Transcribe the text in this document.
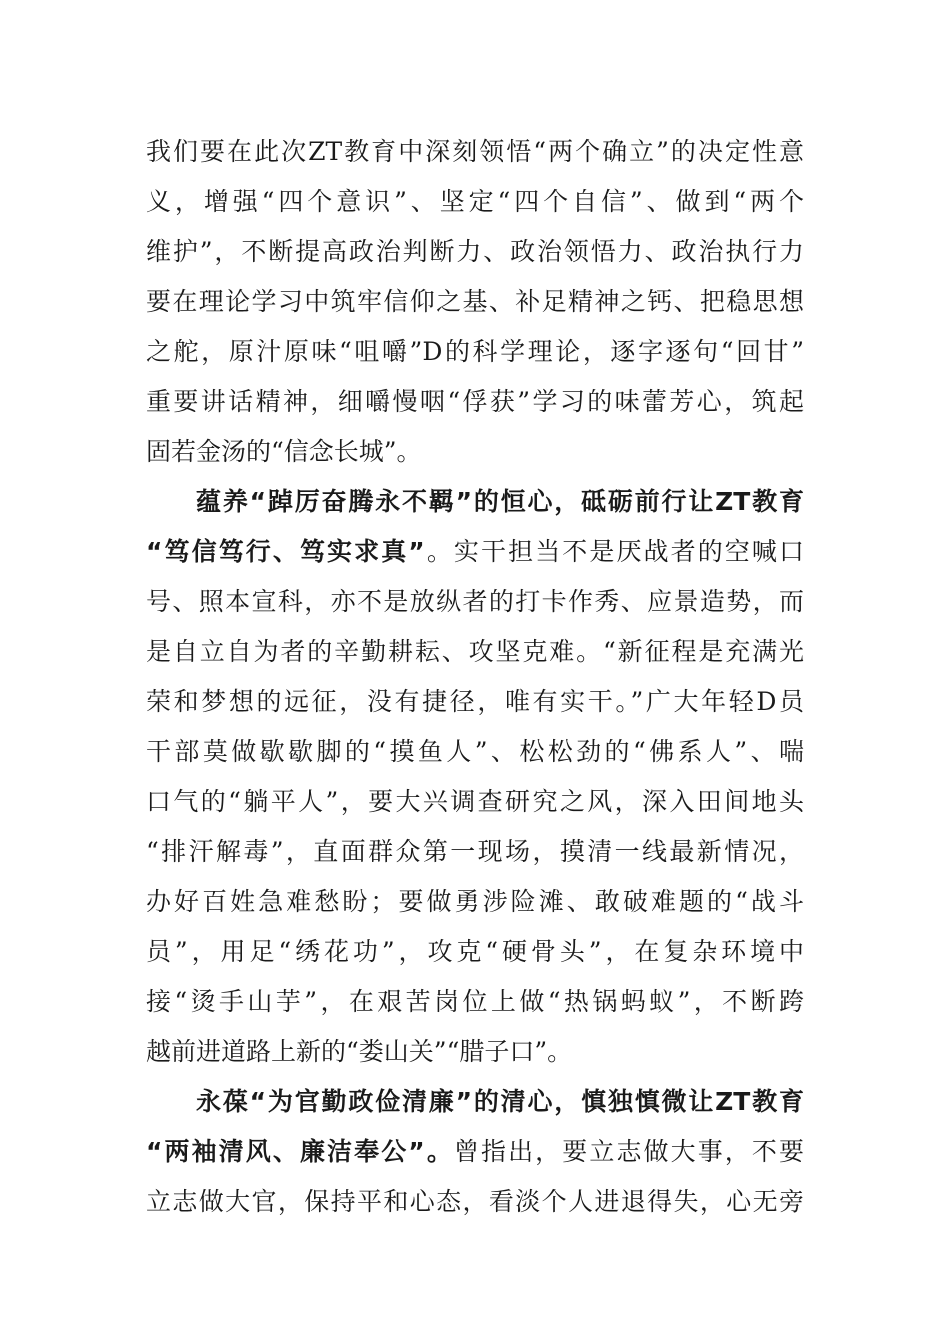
我们要在此次ZT教育中深刻领悟“两个确立”的决定性意
义，增强“四个意识”、坚定“四个自信”、做到“两个
维护”，不断提高政治判断力、政治领悟力、政治执行力
要在理论学习中筑牢信仰之基、补足精神之钙、把稳思想
之舵，原汁原味“咀嚼”D的科学理论，逐字逐句“回甘”
重要讲话精神，细嚼慢咽“俘获”学习的味蕾芳心，筑起
固若金汤的“信念长城”。
蕴养“踔厉奋腾永不羁”的恒心，砥砺前行让ZT教育
“笃信笃行、笃实求真”。实干担当不是厌战者的空喊口
号、照本宣科，亦不是放纵者的打卡作秀、应景造势，而
是自立自为者的辛勤耕耘、攻坚克难。“新征程是充满光
荣和梦想的远征，没有捷径，唯有实干。”广大年轻D员
干部莫做歇歇脚的“摸鱼人”、松松劲的“佛系人”、喘
口气的“躺平人”，要大兴调查研究之风，深入田间地头
“排汗解毒”，直面群众第一现场，摸清一线最新情况，
办好百姓急难愁盼；要做勇涉险滩、敢破难题的“战斗
员”，用足“绣花功”，攻克“硬骨头”，在复杂环境中
接“烫手山芋”，在艰苦岗位上做“热锅蚂蚁”，不断跨
越前进道路上新的“娄山关”“腊子口”。
永葆“为官勤政俭清廉”的清心，慎独慎微让ZT教育
“两袖清风、廉洁奉公”。曾指出，要立志做大事，不要
立志做大官，保持平和心态，看淡个人进退得失，心无旁
